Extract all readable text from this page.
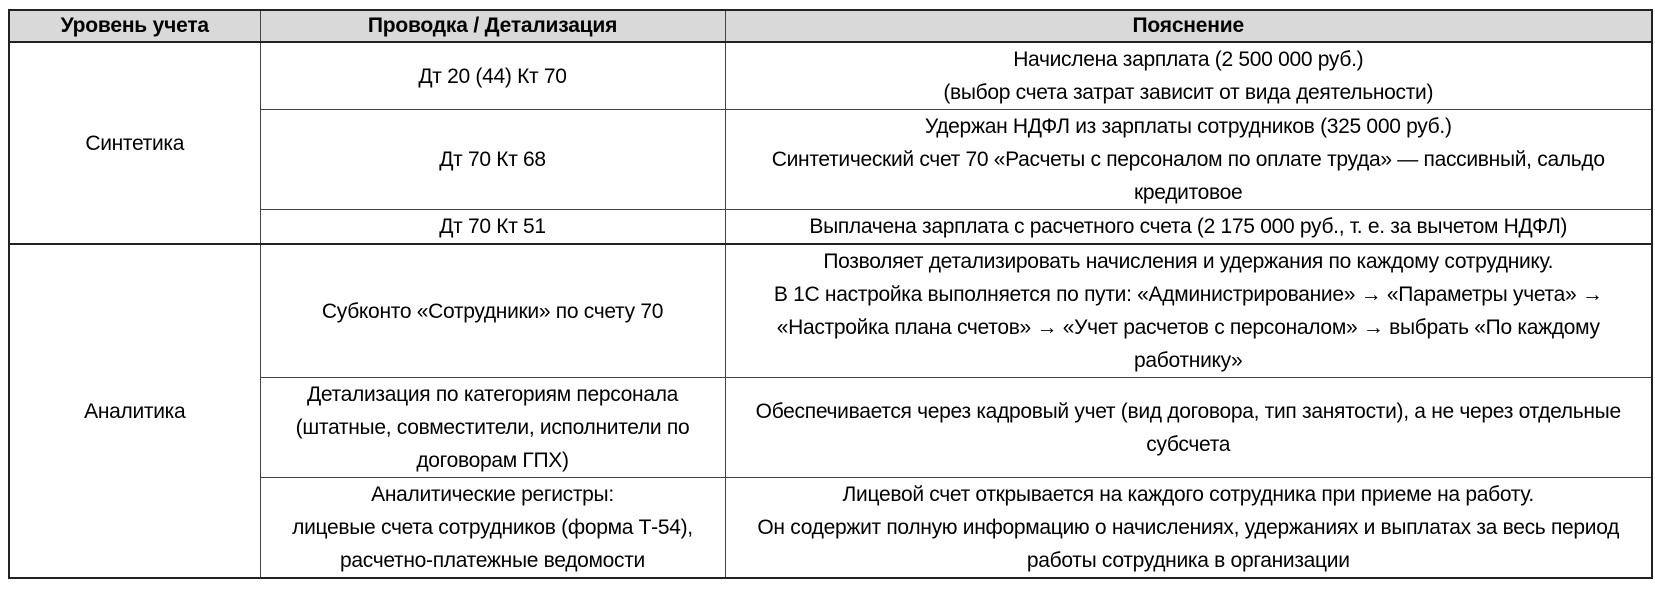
Уровень учета	Проводка / Детализация	Пояснение
Синтетика	Дт 20 (44) Кт 70	Начислена зарплата (2 500 000 руб.)
(выбор счета затрат зависит от вида деятельности)

	Дт 70 Кт 68	Удержан НДФЛ из зарплаты сотрудников (325 000 руб.)
Синтетический счет 70 «Расчеты с персоналом по оплате труда» — пассивный, сальдо
кредитовое

	Дт 70 Кт 51	Выплачена зарплата с расчетного счета (2 175 000 руб., т. е. за вычетом НДФЛ)

Аналитика	Субконто «Сотрудники» по счету 70	Позволяет детализировать начисления и удержания по каждому сотруднику.
В 1С настройка выполняется по пути: «Администрирование» → «Параметры учета» →
«Настройка плана счетов» → «Учет расчетов с персоналом» → выбрать «По каждому
работнику»

	Детализация по категориям персонала
(штатные, совместители, исполнители по
договорам ГПХ)	Обеспечивается через кадровый учет (вид договора, тип занятости), а не через отдельные
субсчета

	Аналитические регистры:
лицевые счета сотрудников (форма Т-54),
расчетно-платежные ведомости	Лицевой счет открывается на каждого сотрудника при приеме на работу.
Он содержит полную информацию о начислениях, удержаниях и выплатах за весь период
работы сотрудника в организации
